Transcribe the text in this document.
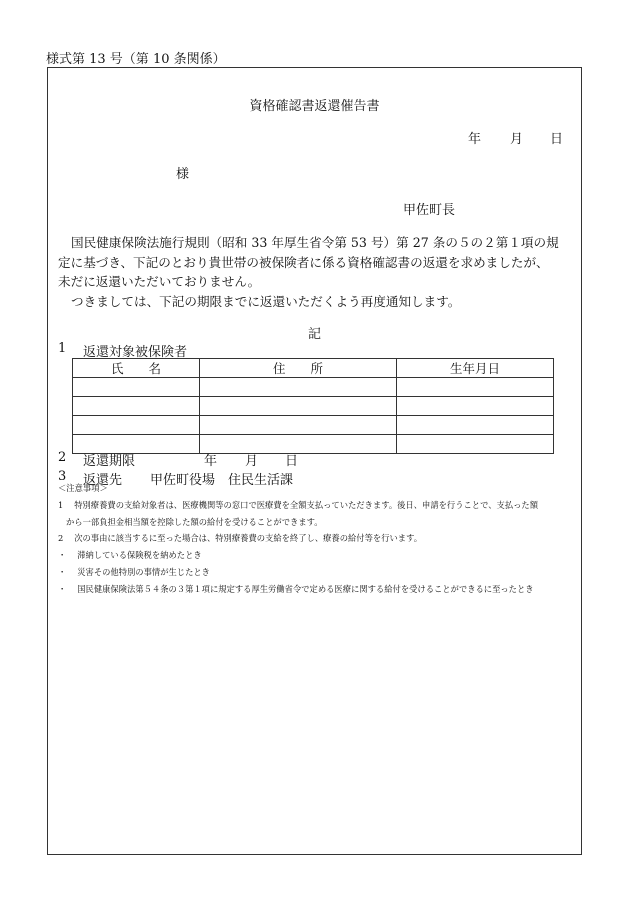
様式第 13 号（第 10 条関係）
資格確認書返還催告書
年 月 日
様
甲佐町長

国民健康保険法施行規則（昭和 33 年厚生省令第 53 号）第 27 条の５の２第１項の規

定に基づき、下記のとおり貴世帯の被保険者に係る資格確認書の返還を求めましたが、

未だに返還いただいておりません。

つきましては、下記の期限までに返還いただくよう再度通知します。

記
1 返還対象被保険者
氏　　名	住　　所	生年月日

2 返還期限	年 月 日
3 返還先 甲佐町役場　住民生活課
＜注意事項＞
1　 特別療養費の支給対象者は、医療機関等の窓口で医療費を全額支払っていただきます。後日、申請を行うことで、支払った額
から一部負担金相当額を控除した額の給付を受けることができます。
2　 次の事由に該当するに至った場合は、特別療養費の支給を終了し、療養の給付等を行います。
・　 滞納している保険税を納めたとき
・　 災害その他特別の事情が生じたとき
・　 国民健康保険法第５４条の３第１項に規定する厚生労働省令で定める医療に関する給付を受けることができるに至ったとき
